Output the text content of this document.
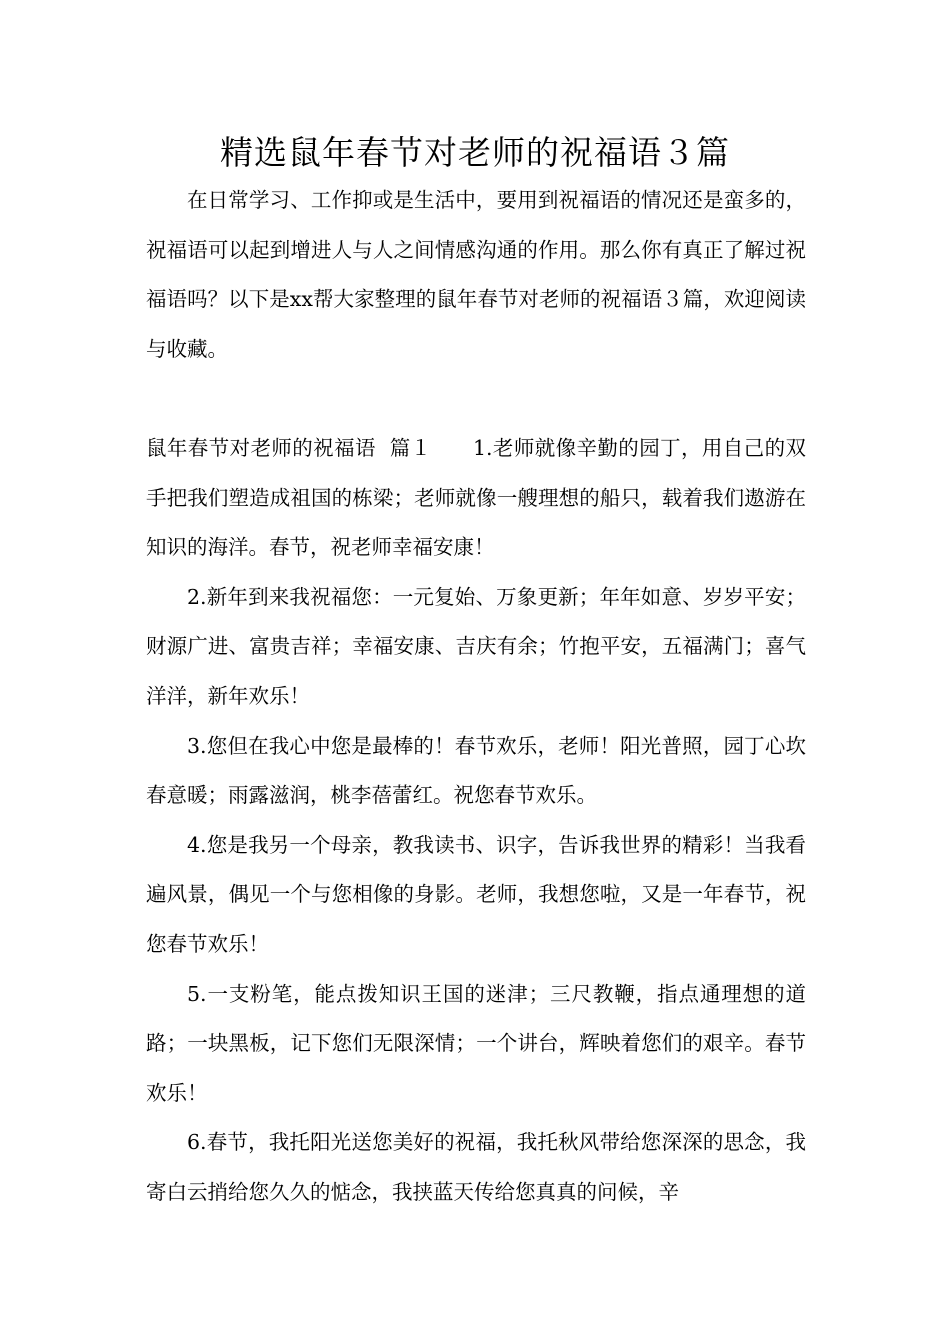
精选鼠年春节对老师的祝福语３篇

在日常学习、工作抑或是生活中，要用到祝福语的情况还是蛮多的，祝福语可以起到增进人与人之间情感沟通的作用。那么你有真正了解过祝福语吗？以下是xx帮大家整理的鼠年春节对老师的祝福语３篇，欢迎阅读与收藏。

鼠年春节对老师的祝福语  篇１ 1.老师就像辛勤的园丁，用自己的双手把我们塑造成祖国的栋梁；老师就像一艘理想的船只，载着我们遨游在知识的海洋。春节，祝老师幸福安康！

2.新年到来我祝福您：一元复始、万象更新；年年如意、岁岁平安；财源广进、富贵吉祥；幸福安康、吉庆有余；竹抱平安，五福满门；喜气洋洋，新年欢乐！

3.您但在我心中您是最棒的！春节欢乐，老师！阳光普照，园丁心坎春意暖；雨露滋润，桃李蓓蕾红。祝您春节欢乐。

4.您是我另一个母亲，教我读书、识字，告诉我世界的精彩！当我看遍风景，偶见一个与您相像的身影。老师，我想您啦，又是一年春节，祝您春节欢乐！

5.一支粉笔，能点拨知识王国的迷津；三尺教鞭，指点通理想的道路；一块黑板，记下您们无限深情；一个讲台，辉映着您们的艰辛。春节欢乐！

6.春节，我托阳光送您美好的祝福，我托秋风带给您深深的思念，我寄白云捎给您久久的惦念，我挟蓝天传给您真真的问候，辛
